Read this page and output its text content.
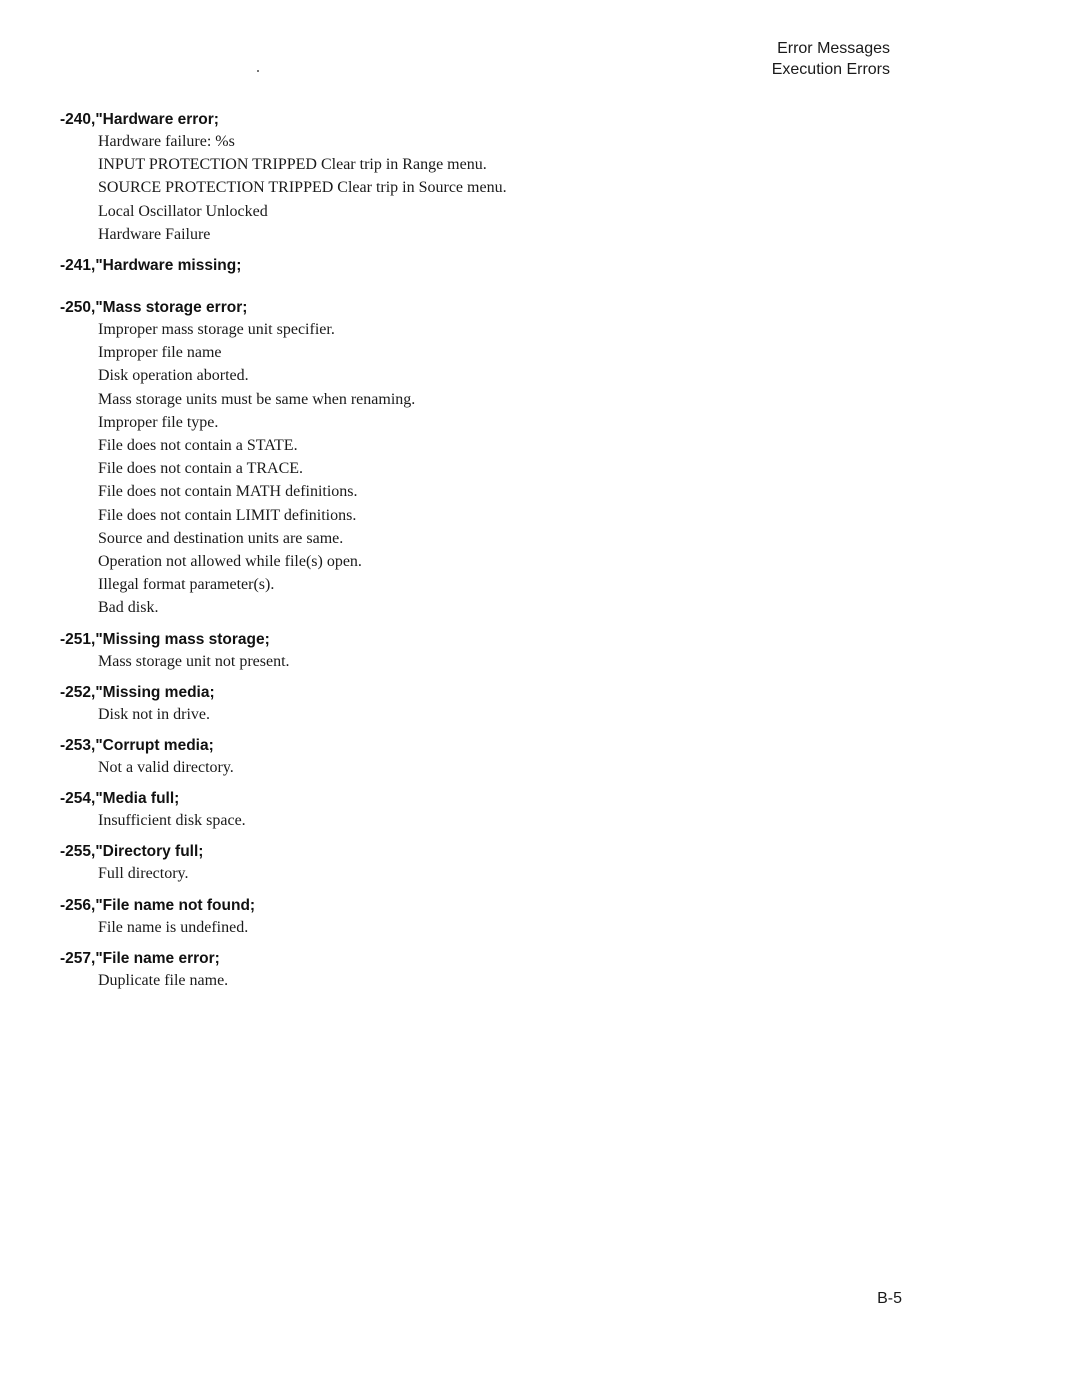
Error Messages
Execution Errors
-240,"Hardware error;
Hardware failure: %s
INPUT PROTECTION TRIPPED Clear trip in Range menu.
SOURCE PROTECTION TRIPPED Clear trip in Source menu.
Local Oscillator Unlocked
Hardware Failure
-241,"Hardware missing;
-250,"Mass storage error;
Improper mass storage unit specifier.
Improper file name
Disk operation aborted.
Mass storage units must be same when renaming.
Improper file type.
File does not contain a STATE.
File does not contain a TRACE.
File does not contain MATH definitions.
File does not contain LIMIT definitions.
Source and destination units are same.
Operation not allowed while file(s) open.
Illegal format parameter(s).
Bad disk.
-251,"Missing mass storage;
Mass storage unit not present.
-252,"Missing media;
Disk not in drive.
-253,"Corrupt media;
Not a valid directory.
-254,"Media full;
Insufficient disk space.
-255,"Directory full;
Full directory.
-256,"File name not found;
File name is undefined.
-257,"File name error;
Duplicate file name.
B-5
